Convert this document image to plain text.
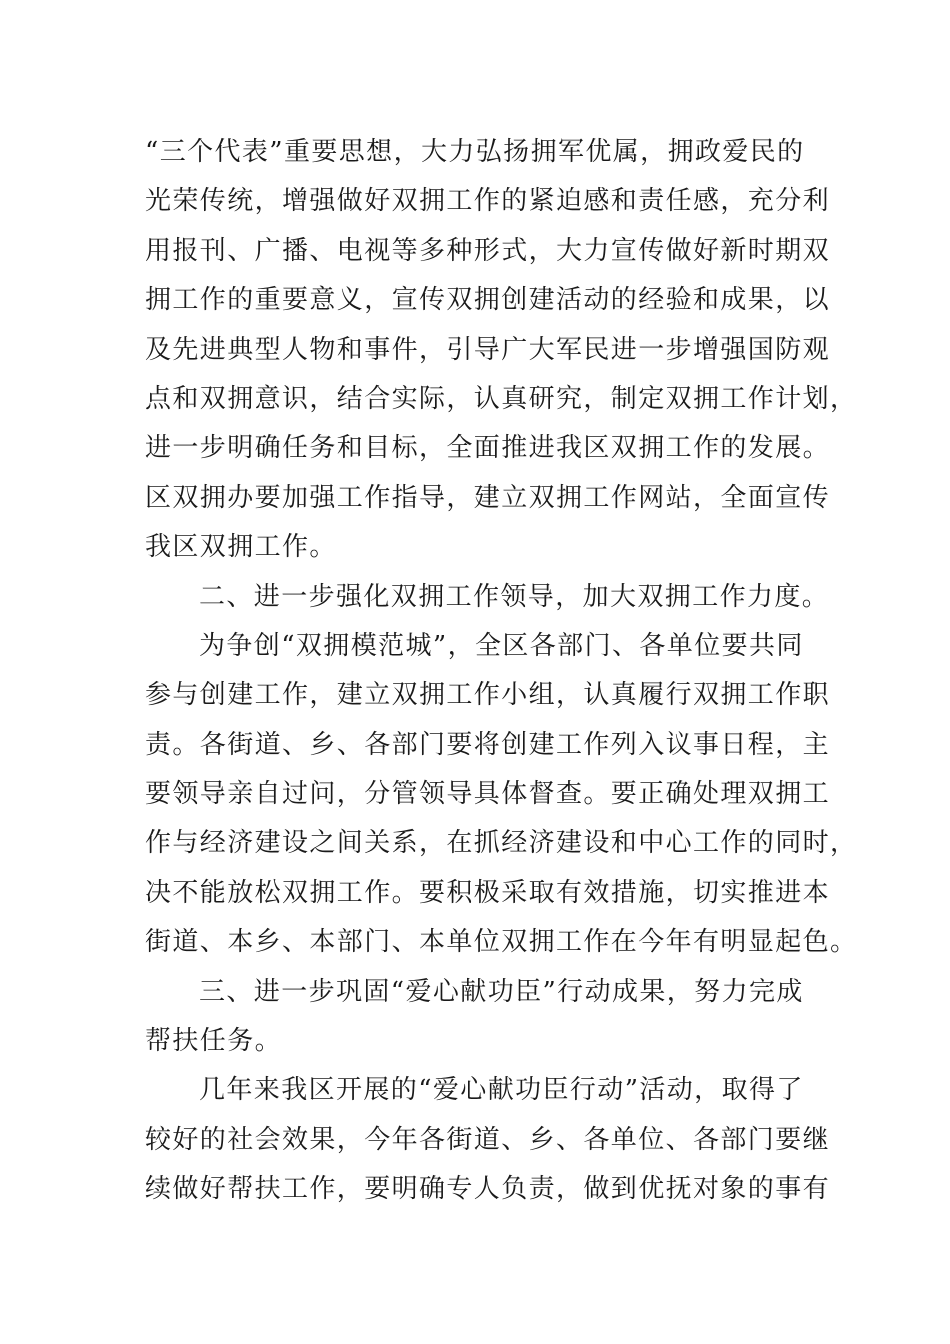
“三个代表”重要思想，大力弘扬拥军优属，拥政爱民的
光荣传统，增强做好双拥工作的紧迫感和责任感，充分利
用报刊、广播、电视等多种形式，大力宣传做好新时期双
拥工作的重要意义，宣传双拥创建活动的经验和成果，以
及先进典型人物和事件，引导广大军民进一步增强国防观
点和双拥意识，结合实际，认真研究，制定双拥工作计划，
进一步明确任务和目标，全面推进我区双拥工作的发展。
区双拥办要加强工作指导，建立双拥工作网站，全面宣传
我区双拥工作。
二、进一步强化双拥工作领导，加大双拥工作力度。
为争创“双拥模范城”，全区各部门、各单位要共同
参与创建工作，建立双拥工作小组，认真履行双拥工作职
责。各街道、乡、各部门要将创建工作列入议事日程，主
要领导亲自过问，分管领导具体督查。要正确处理双拥工
作与经济建设之间关系，在抓经济建设和中心工作的同时，
决不能放松双拥工作。要积极采取有效措施，切实推进本
街道、本乡、本部门、本单位双拥工作在今年有明显起色。
三、进一步巩固“爱心献功臣”行动成果，努力完成
帮扶任务。
几年来我区开展的“爱心献功臣行动”活动，取得了
较好的社会效果，今年各街道、乡、各单位、各部门要继
续做好帮扶工作，要明确专人负责，做到优抚对象的事有
